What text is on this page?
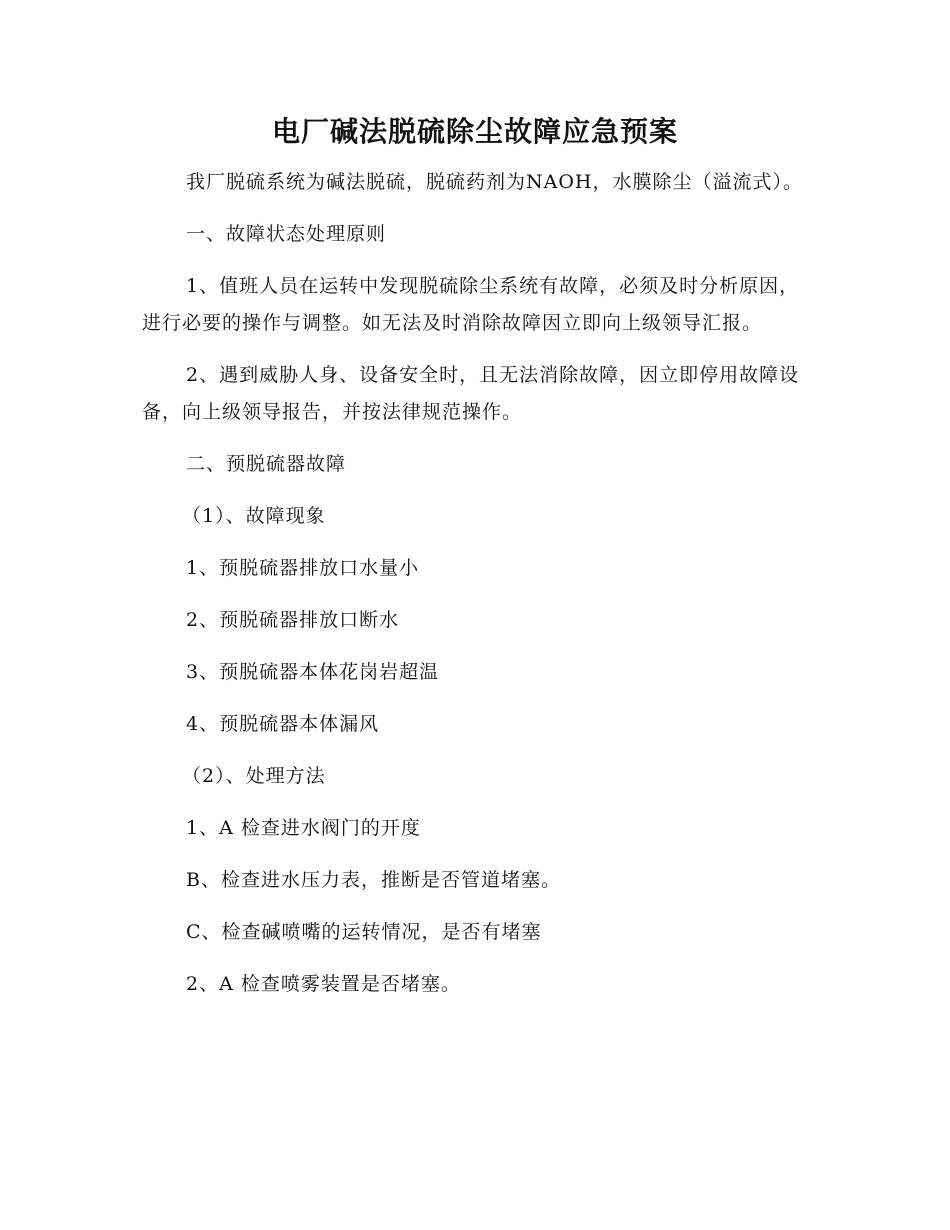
电厂碱法脱硫除尘故障应急预案

我厂脱硫系统为碱法脱硫，脱硫药剂为NAOH，水膜除尘（溢流式）。

一、故障状态处理原则

1、值班人员在运转中发现脱硫除尘系统有故障，必须及时分析原因，进行必要的操作与调整。如无法及时消除故障因立即向上级领导汇报。

2、遇到威胁人身、设备安全时，且无法消除故障，因立即停用故障设备，向上级领导报告，并按法律规范操作。

二、预脱硫器故障

（1）、故障现象

1、预脱硫器排放口水量小

2、预脱硫器排放口断水

3、预脱硫器本体花岗岩超温

4、预脱硫器本体漏风

（2）、处理方法

1、A 检查进水阀门的开度

B、检查进水压力表，推断是否管道堵塞。

C、检查碱喷嘴的运转情况，是否有堵塞

2、A 检查喷雾装置是否堵塞。
